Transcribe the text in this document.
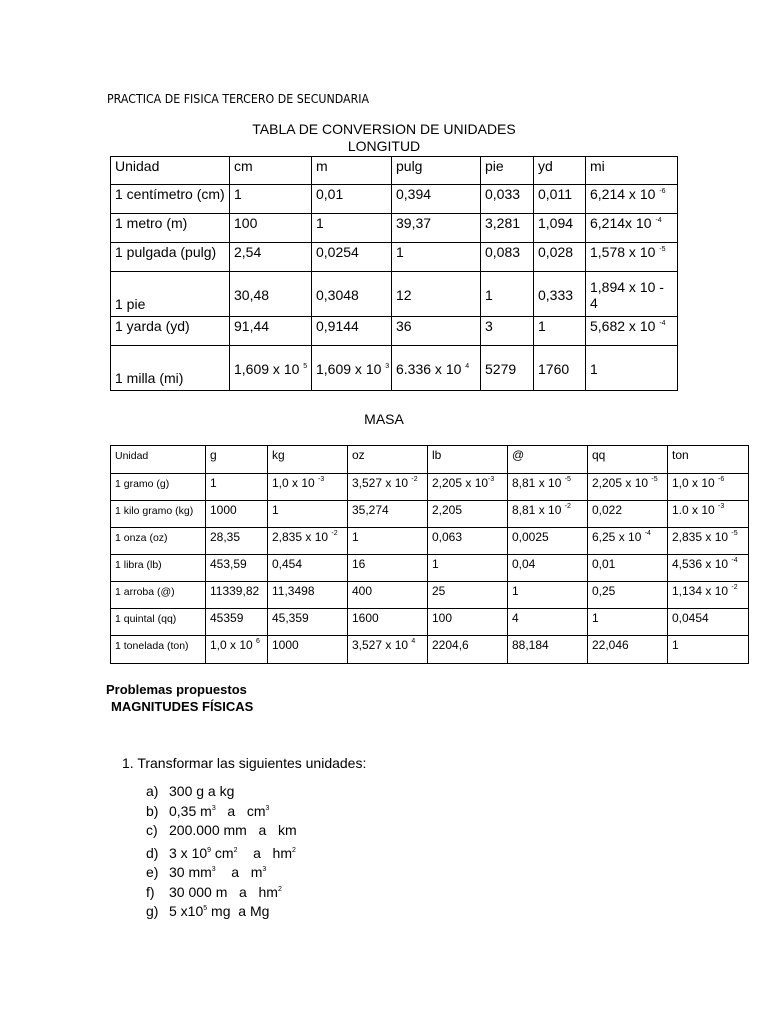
PRACTICA DE FISICA TERCERO DE SECUNDARIA
TABLA DE CONVERSION DE UNIDADES
LONGITUD
Unidad	cm	m	pulg	pie	yd	mi
1 centímetro (cm)	1	0,01	0,394	0,033	0,011	6,214 x 10 $^{-6}$
1 metro (m)	100	1	39,37	3,281	1,094	6,214x 10 $^{-4}$
1 pulgada (pulg)	2,54	0,0254	1	0,083	0,028	1,578 x 10 $^{-5}$
1 pie	30,48	0,3048	12	1	0,333	1,894 x 10 - 4
1 yarda (yd)	91,44	0,9144	36	3	1	5,682 x 10 $^{-4}$
1 milla (mi)	1,609 x 10 $^5$	1,609 x 10 $^3$	6.336 x 10 $^4$	5279	1760	1
MASA
Unidad	g	kg	oz	lb	@	qq	ton
1 gramo (g)	1	1,0 x 10 $^{-3}$	3,527 x 10 $^{-2}$	2,205 x $10^{-3}$	8,81 x 10 $^{-5}$	2,205 x 10 $^{-5}$	1,0 x 10 $^{-6}$
1 kilo gramo (kg)	1000	1	35,274	2,205	8,81 x 10 $^{-2}$	0,022	1.0 x 10 $^{-3}$
1 onza (oz)	28,35	2,835 x 10 $^{-2}$	1	0,063	0,0025	6,25 x 10 $^{-4}$	2,835 x 10 $^{-5}$
1 libra (lb)	453,59	0,454	16	1	0,04	0,01	4,536 x 10 $^{-4}$
1 arroba (@)	11339,82	11,3498	400	25	1	0,25	1,134 x 10 $^{-2}$
1 quintal (qq)	45359	45,359	1600	100	4	1	0,0454
1 tonelada (ton)	1,0 x 10 $^6$	1000	3,527 x 10 $^4$	2204,6	88,184	22,046	1
Problemas propuestos
MAGNITUDES FÍSICAS
1. Transformar las siguientes unidades:
a) 300 g a kg
b) 0,35 $m^3$   a   $cm^3$
c) 200.000 mm   a   km
d) 3 x $10^9$ $cm^2$    a   $hm^2$
e) 30 $mm^3$    a   $m^3$
f) 30 000 m   a   $hm^2$
g) 5 $x10^5$ mg  a Mg
